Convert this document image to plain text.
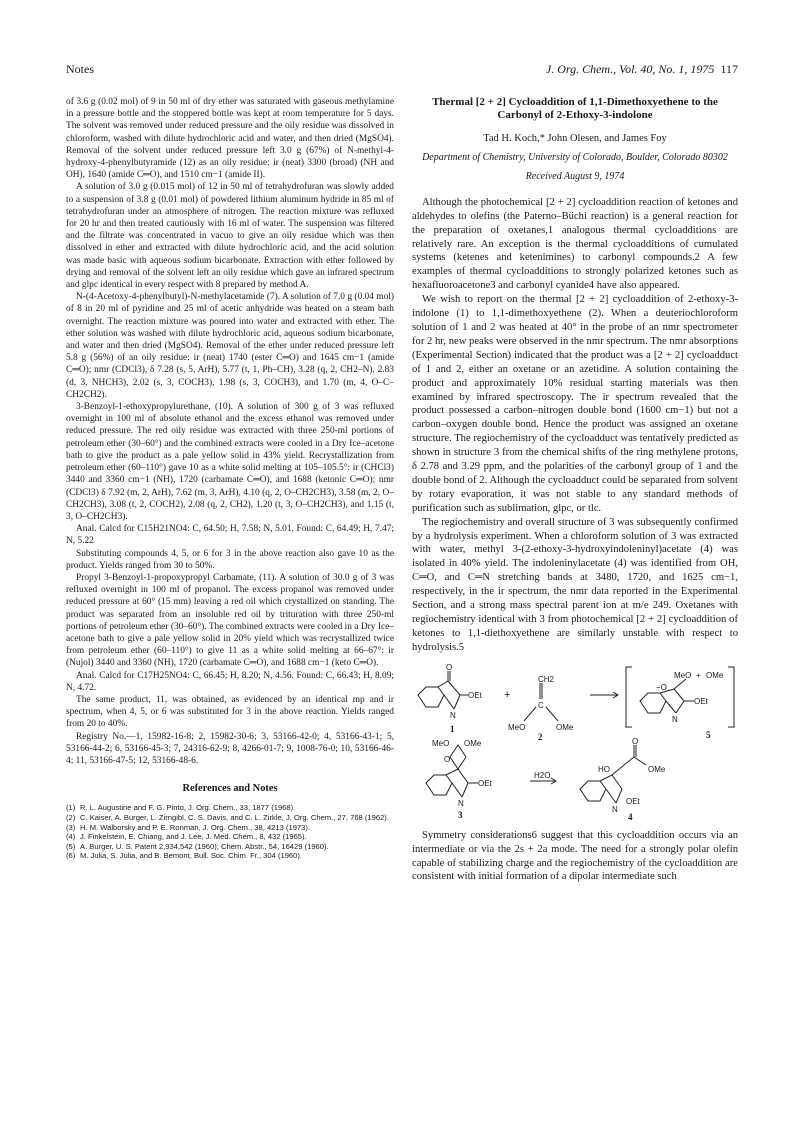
Notes	J. Org. Chem., Vol. 40, No. 1, 1975 117

of 3.6 g (0.02 mol) of 9 in 50 ml of dry ether was saturated with gaseous methylamine in a pressure bottle and the stoppered bottle was kept at room temperature for 5 days. The solvent was removed under reduced pressure and the oily residue was dissolved in chloroform, washed with dilute hydrochloric acid and water, and then dried (MgSO4). Removal of the solvent under reduced pressure left 3.0 g (67%) of N-methyl-4-hydroxy-4-phenylbutyramide (12) as an oily residue: ir (neat) 3300 (broad) (NH and OH), 1640 (amide C═O), and 1510 cm−1 (amide II).

A solution of 3.0 g (0.015 mol) of 12 in 50 ml of tetrahydrofuran was slowly added to a suspension of 3.8 g (0.01 mol) of powdered lithium aluminum hydride in 85 ml of tetrahydrofuran under an atmosphere of nitrogen. The reaction mixture was refluxed for 20 hr and then treated cautiously with 16 ml of water. The suspension was filtered and the filtrate was concentrated in vacuo to give an oily residue which was then dissolved in ether and extracted with dilute hydrochloric acid, and the acid solution was made basic with aqueous sodium bicarbonate. Extraction with ether followed by drying and removal of the solvent left an oily residue which gave an infrared spectrum and glpc identical in every respect with 8 prepared by method A.

N-(4-Acetoxy-4-phenylbutyl)-N-methylacetamide (7). A solution of 7.0 g (0.04 mol) of 8 in 20 ml of pyridine and 25 ml of acetic anhydride was heated on a steam bath overnight. The reaction mixture was poured into water and extracted with ether. The ether solution was washed with dilute hydrochloric acid, aqueous sodium bicarbonate, and water and then dried (MgSO4). Removal of the ether under reduced pressure left 5.8 g (56%) of an oily residue: ir (neat) 1740 (ester C═O) and 1645 cm−1 (amide C═O); nmr (CDCl3), δ 7.28 (s, 5, ArH), 5.77 (t, 1, Ph–CH), 3.28 (q, 2, CH2–N), 2.83 (d, 3, NHCH3), 2.02 (s, 3, COCH3), 1.98 (s, 3, COCH3), and 1.70 (m, 4, O–C–CH2CH2).

3-Benzoyl-1-ethoxypropylurethane, (10). A solution of 300 g of 3 was refluxed overnight in 100 ml of absolute ethanol and the excess ethanol was removed under reduced pressure. The red oily residue was extracted with three 250-ml portions of petroleum ether (30–60°) and the combined extracts were cooled in a Dry Ice–acetone bath to give the product as a pale yellow solid in 43% yield. Recrystallization from petroleum ether (60–110°) gave 10 as a white solid melting at 105–105.5°: ir (CHCl3) 3440 and 3360 cm−1 (NH), 1720 (carbamate C═O), and 1688 (ketonic C═O); nmr (CDCl3) δ 7.92 (m, 2, ArH), 7.62 (m, 3, ArH), 4.10 (q, 2, O–CH2CH3), 3.58 (m, 2, O–CH2CH3), 3.08 (t, 2, COCH2), 2.08 (q, 2, CH2), 1.20 (t, 3, O–CH2CH3), and 1.15 (t, 3, O–CH2CH3).

Anal. Calcd for C15H21NO4: C, 64.50; H, 7.58; N, 5.01. Found: C, 64.49; H, 7.47; N, 5.22

Substituting compounds 4, 5, or 6 for 3 in the above reaction also gave 10 as the product. Yields ranged from 30 to 50%.

Propyl 3-Benzoyl-1-propoxypropyl Carbamate, (11). A solution of 30.0 g of 3 was refluxed overnight in 100 ml of propanol. The excess propanol was removed under reduced pressure at 60° (15 mm) leaving a red oil which crystallized on standing. The product was separated from an insoluble red oil by trituration with three 250-ml portions of petroleum ether (30–60°). The combined extracts were cooled in a Dry Ice–acetone bath to give a pale yellow solid in 20% yield which was recrystallized twice from petroleum ether (60–110°) to give 11 as a white solid melting at 66–67°: ir (Nujol) 3440 and 3360 (NH), 1720 (carbamate C═O), and 1688 cm−1 (keto C═O).

Anal. Calcd for C17H25NO4: C, 66.45; H, 8.20; N, 4.56. Found: C, 66.43; H, 8.09; N, 4.72.

The same product, 11, was obtained, as evidenced by an identical mp and ir spectrum, when 4, 5, or 6 was substituted for 3 in the above reaction. Yields ranged from 20 to 40%.

Registry No.—1, 15982-16-8; 2, 15982-30-6; 3, 53166-42-0; 4, 53166-43-1; 5, 53166-44-2; 6, 53166-45-3; 7, 24316-62-9; 8, 4266-01-7; 9, 1008-76-0; 10, 53166-46-4; 11, 53166-47-5; 12, 53166-48-6.

References and Notes
(1) R. L. Augustine and F. G. Pinto, J. Org. Chem., 33, 1877 (1968).
(2) C. Kaiser, A. Burger, L. Zirngibl, C. S. Davis, and C. L. Zirkle, J. Org. Chem., 27, 768 (1962).
(3) H. M. Walborsky and P. E. Ronman, J. Org. Chem., 38, 4213 (1973).
(4) J. Finkelstein, E. Chiang, and J. Lee, J. Med. Chem., 8, 432 (1965).
(5) A. Burger, U. S. Patent 2,934,542 (1960); Chem. Abstr., 54, 16429 (1960).
(6) M. Julia, S. Julia, and B. Bemont, Bull. Soc. Chim. Fr., 304 (1960).
Thermal [2 + 2] Cycloaddition of 1,1-Dimethoxyethene to the Carbonyl of 2-Ethoxy-3-indolone
Tad H. Koch,* John Olesen, and James Foy
Department of Chemistry, University of Colorado, Boulder, Colorado 80302
Received August 9, 1974

Although the photochemical [2 + 2] cycloaddition reaction of ketones and aldehydes to olefins (the Paterno–Büchi reaction) is a general reaction for the preparation of oxetanes,1 analogous thermal cycloadditions are relatively rare. An exception is the thermal cycloadditions of cumulated systems (ketenes and ketenimines) to carbonyl compounds.2 A few examples of thermal cycloadditions to strongly polarized ketones such as hexafluoroacetone3 and carbonyl cyanide4 have also appeared.

We wish to report on the thermal [2 + 2] cycloaddition of 2-ethoxy-3-indolone (1) to 1,1-dimethoxyethene (2). When a deuteriochloroform solution of 1 and 2 was heated at 40° in the probe of an nmr spectrometer for 2 hr, new peaks were observed in the nmr spectrum. The nmr absorptions (Experimental Section) indicated that the product was a [2 + 2] cycloadduct of 1 and 2, either an oxetane or an azetidine. A solution containing the product and approximately 10% residual starting materials was then examined by infrared spectroscopy. The ir spectrum revealed that the product possessed a carbon–nitrogen double bond (1600 cm−1) but not a carbon–oxygen double bond. Hence the product was assigned an oxetane structure. The regiochemistry of the cycloadduct was tentatively predicted as shown in structure 3 from the chemical shifts of the ring methylene protons, δ 2.78 and 3.29 ppm, and the polarities of the carbonyl group of 1 and the double bond of 2. Although the cycloadduct could be separated from solvent by rotary evaporation, it was not stable to any standard methods of purification such as sublimation, glpc, or tlc.

The regiochemistry and overall structure of 3 was subsequently confirmed by a hydrolysis experiment. When a chloroform solution of 3 was extracted with water, methyl 3-(2-ethoxy-3-hydroxyindoleninyl)acetate (4) was isolated in 40% yield. The indoleninylacetate (4) was identified from OH, C═O, and C═N stretching bands at 3480, 1720, and 1625 cm−1, respectively, in the ir spectrum, the nmr data reported in the Experimental Section, and a strong mass spectral parent ion at m/e 249. Oxetanes with regiochemistry identical with 3 from photochemical [2 + 2] cycloaddition of ketones to 1,1-diethoxyethene are similarly unstable with respect to hydrolysis.5

O
OEt
N
1
+
CH2
C
MeO	OMe
2
MeO + OMe
−O
OEt
N
5
MeO OMe
O
OEt
N
3
H2O
HO
O
OMe
N
OEt
4

Symmetry considerations6 suggest that this cycloaddition occurs via an intermediate or via the 2s + 2a mode. The need for a strongly polar olefin capable of stabilizing charge and the regiochemistry of the cycloaddition are consistent with initial formation of a dipolar intermediate such
